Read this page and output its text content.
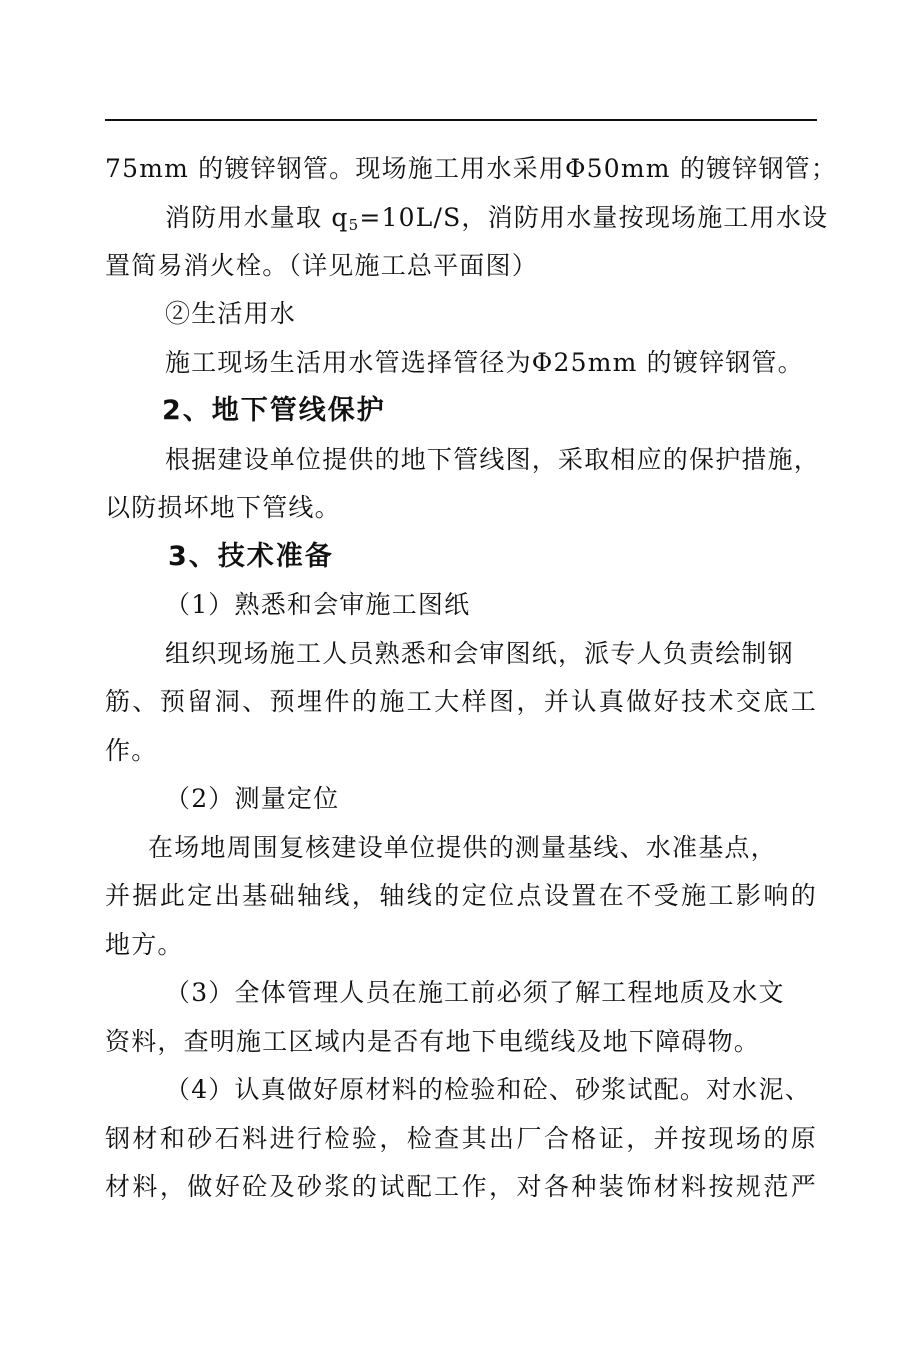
75mm 的镀锌钢管。现场施工用水采用Φ50mm 的镀锌钢管；
消防用水量取 $q_5=10L/S$，消防用水量按现场施工用水设
置简易消火栓。（详见施工总平面图）
②生活用水
施工现场生活用水管选择管径为Φ25mm 的镀锌钢管。
2、地下管线保护
根据建设单位提供的地下管线图，采取相应的保护措施，
以防损坏地下管线。
3、技术准备
（1）熟悉和会审施工图纸
组织现场施工人员熟悉和会审图纸，派专人负责绘制钢
筋、预留洞、预埋件的施工大样图，并认真做好技术交底工
作。
（2）测量定位
在场地周围复核建设单位提供的测量基线、水准基点，
并据此定出基础轴线，轴线的定位点设置在不受施工影响的
地方。
（3）全体管理人员在施工前必须了解工程地质及水文
资料，查明施工区域内是否有地下电缆线及地下障碍物。
（4）认真做好原材料的检验和砼、砂浆试配。对水泥、
钢材和砂石料进行检验，检查其出厂合格证，并按现场的原
材料，做好砼及砂浆的试配工作，对各种装饰材料按规范严
